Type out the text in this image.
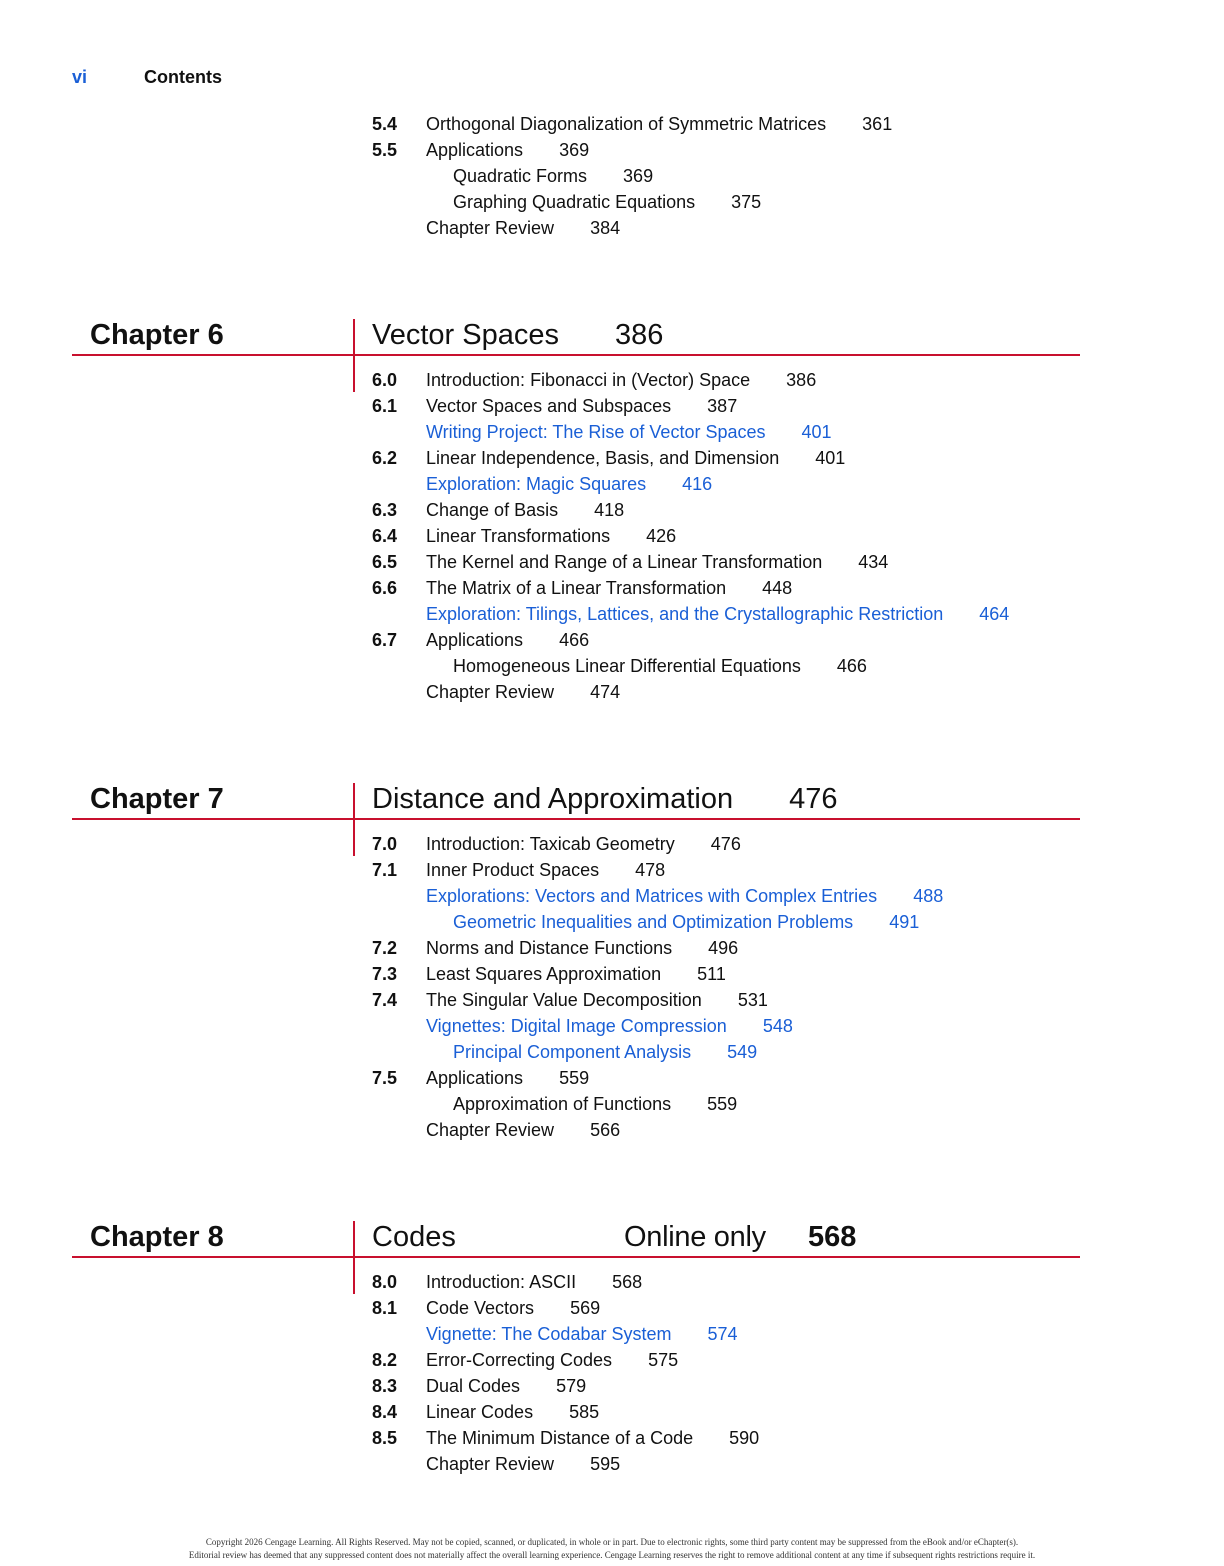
vi	Contents
5.4 Orthogonal Diagonalization of Symmetric Matrices 361
5.5 Applications 369
Quadratic Forms 369
Graphing Quadratic Equations 375
Chapter Review 384
Chapter 6	Vector Spaces 386
6.0 Introduction: Fibonacci in (Vector) Space 386
6.1 Vector Spaces and Subspaces 387
Writing Project: The Rise of Vector Spaces 401
6.2 Linear Independence, Basis, and Dimension 401
Exploration: Magic Squares 416
6.3 Change of Basis 418
6.4 Linear Transformations 426
6.5 The Kernel and Range of a Linear Transformation 434
6.6 The Matrix of a Linear Transformation 448
Exploration: Tilings, Lattices, and the Crystallographic Restriction 464
6.7 Applications 466
Homogeneous Linear Differential Equations 466
Chapter Review 474
Chapter 7	Distance and Approximation 476
7.0 Introduction: Taxicab Geometry 476
7.1 Inner Product Spaces 478
Explorations: Vectors and Matrices with Complex Entries 488
Geometric Inequalities and Optimization Problems 491
7.2 Norms and Distance Functions 496
7.3 Least Squares Approximation 511
7.4 The Singular Value Decomposition 531
Vignettes: Digital Image Compression 548
Principal Component Analysis 549
7.5 Applications 559
Approximation of Functions 559
Chapter Review 566
Chapter 8	Codes	Online only 568
8.0 Introduction: ASCII 568
8.1 Code Vectors 569
Vignette: The Codabar System 574
8.2 Error-Correcting Codes 575
8.3 Dual Codes 579
8.4 Linear Codes 585
8.5 The Minimum Distance of a Code 590
Chapter Review 595
Copyright 2026 Cengage Learning. All Rights Reserved. May not be copied, scanned, or duplicated, in whole or in part. Due to electronic rights, some third party content may be suppressed from the eBook and/or eChapter(s).
Editorial review has deemed that any suppressed content does not materially affect the overall learning experience. Cengage Learning reserves the right to remove additional content at any time if subsequent rights restrictions require it.
